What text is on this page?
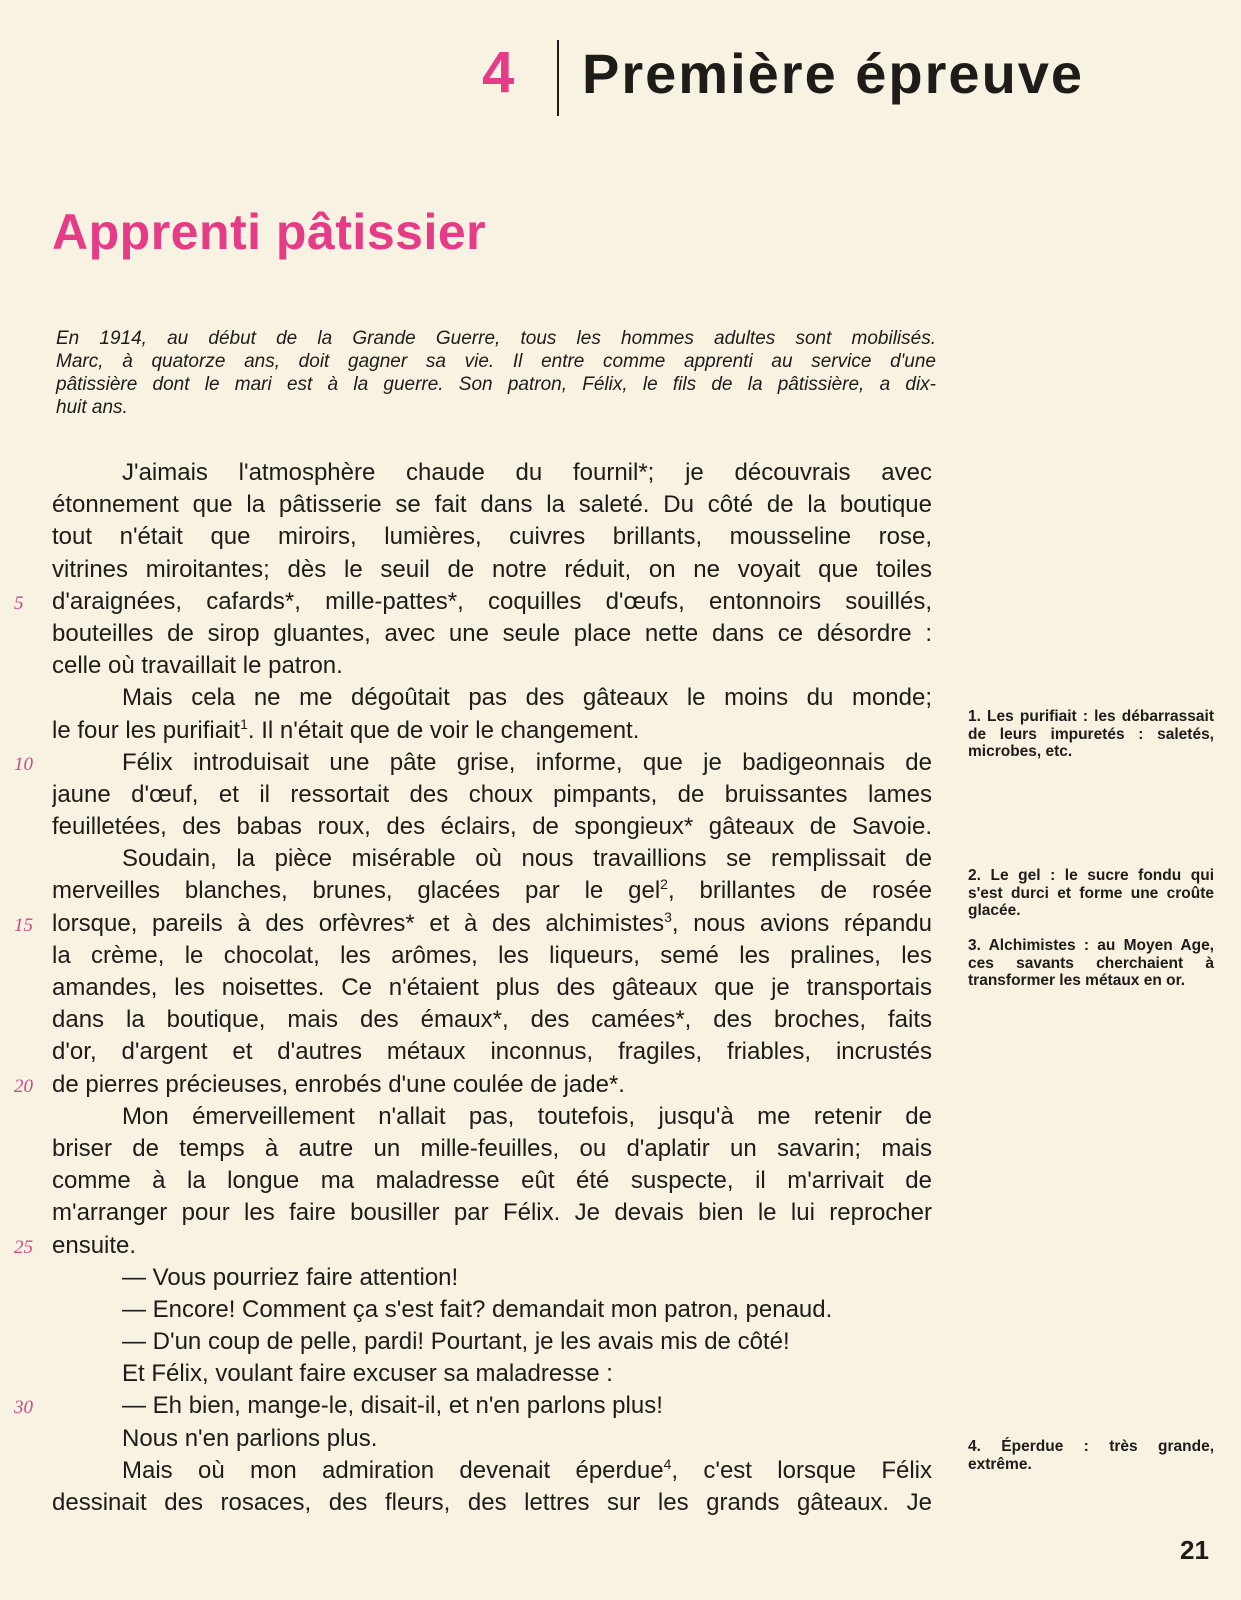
4 Première épreuve
Apprenti pâtissier
En 1914, au début de la Grande Guerre, tous les hommes adultes sont mobilisés.
Marc, à quatorze ans, doit gagner sa vie. Il entre comme apprenti au service d'une
pâtissière dont le mari est à la guerre. Son patron, Félix, le fils de la pâtissière, a dix-
huit ans.
J'aimais l'atmosphère chaude du fournil*; je découvrais avec
étonnement que la pâtisserie se fait dans la saleté. Du côté de la boutique
tout n'était que miroirs, lumières, cuivres brillants, mousseline rose,
vitrines miroitantes; dès le seuil de notre réduit, on ne voyait que toiles
5	d'araignées, cafards*, mille-pattes*, coquilles d'œufs, entonnoirs souillés,
bouteilles de sirop gluantes, avec une seule place nette dans ce désordre :
celle où travaillait le patron.
Mais cela ne me dégoûtait pas des gâteaux le moins du monde;
le four les purifiait$^1$. Il n'était que de voir le changement.
10	Félix introduisait une pâte grise, informe, que je badigeonnais de
jaune d'œuf, et il ressortait des choux pimpants, de bruissantes lames
feuilletées, des babas roux, des éclairs, de spongieux* gâteaux de Savoie.
Soudain, la pièce misérable où nous travaillions se remplissait de
merveilles blanches, brunes, glacées par le gel$^2$, brillantes de rosée
15 lorsque, pareils à des orfèvres* et à des alchimistes$^3$, nous avions répandu
la crème, le chocolat, les arômes, les liqueurs, semé les pralines, les
amandes, les noisettes. Ce n'étaient plus des gâteaux que je transportais
dans la boutique, mais des émaux*, des camées*, des broches, faits
d'or, d'argent et d'autres métaux inconnus, fragiles, friables, incrustés
20 de pierres précieuses, enrobés d'une coulée de jade*.
Mon émerveillement n'allait pas, toutefois, jusqu'à me retenir de
briser de temps à autre un mille-feuilles, ou d'aplatir un savarin; mais
comme à la longue ma maladresse eût été suspecte, il m'arrivait de
m'arranger pour les faire bousiller par Félix. Je devais bien le lui reprocher
25 ensuite.
— Vous pourriez faire attention!
— Encore! Comment ça s'est fait? demandait mon patron, penaud.
— D'un coup de pelle, pardi! Pourtant, je les avais mis de côté!
Et Félix, voulant faire excuser sa maladresse :
30	— Eh bien, mange-le, disait-il, et n'en parlons plus!
Nous n'en parlions plus.
Mais où mon admiration devenait éperdue$^4$, c'est lorsque Félix
dessinait des rosaces, des fleurs, des lettres sur les grands gâteaux. Je
1. Les purifiait : les débarrassait de leurs impuretés : saletés, microbes, etc.
2. Le gel : le sucre fondu qui s'est durci et forme une croûte glacée.
3. Alchimistes : au Moyen Age, ces savants cherchaient à transformer les métaux en or.
4. Éperdue : très grande, extrême.
21
